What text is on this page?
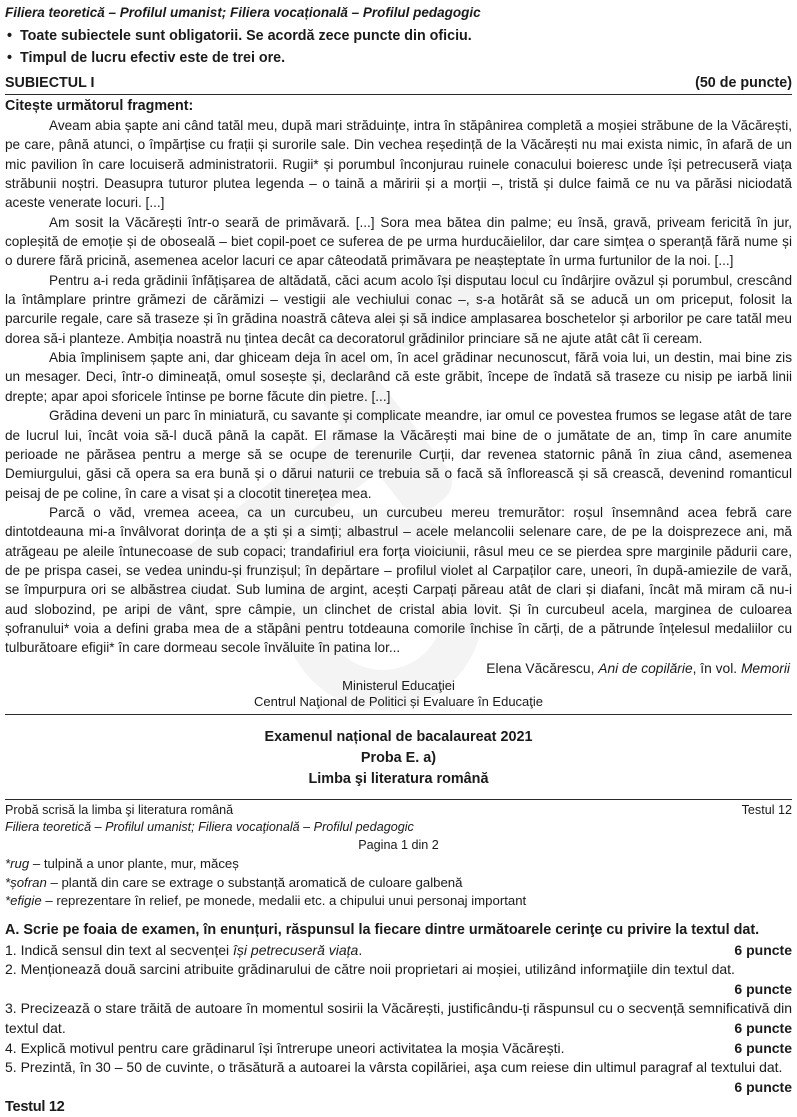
Filiera teoretică – Profilul umanist; Filiera vocațională – Profilul pedagogic
• Toate subiectele sunt obligatorii. Se acordă zece puncte din oficiu.
• Timpul de lucru efectiv este de trei ore.
SUBIECTUL I	(50 de puncte)
Citește următorul fragment:

Aveam abia șapte ani când tatăl meu, după mari străduințe, intra în stăpânirea completă a moșiei străbune de la Văcărești, pe care, până atunci, o împărțise cu frații și surorile sale. Din vechea reședință de la Văcărești nu mai exista nimic, în afară de un mic pavilion în care locuiseră administratorii. Rugii* și porumbul înconjurau ruinele conacului boieresc unde își petrecuseră viața străbunii noștri. Deasupra tuturor plutea legenda – o taină a măririi și a morții –, tristă și dulce faimă ce nu va părăsi niciodată aceste venerate locuri. [...]

Am sosit la Văcărești într-o seară de primăvară. [...] Sora mea bătea din palme; eu însă, gravă, priveam fericită în jur, copleșită de emoție și de oboseală – biet copil-poet ce suferea de pe urma hurducăielilor, dar care simțea o speranță fără nume și o durere fără pricină, asemenea acelor lacuri ce apar câteodată primăvara pe neașteptate în urma furtunilor de la noi. [...]

Pentru a-i reda grădinii înfățișarea de altădată, căci acum acolo își disputau locul cu îndârjire ovăzul și porumbul, crescând la întâmplare printre grămezi de cărămizi – vestigii ale vechiului conac –, s-a hotărât să se aducă un om priceput, folosit la parcurile regale, care să traseze și în grădina noastră câteva alei și să indice amplasarea boschetelor și arborilor pe care tatăl meu dorea să-i planteze. Ambiția noastră nu țintea decât ca decoratorul grădinilor princiare să ne ajute atât cât îi ceream.

Abia împlinisem șapte ani, dar ghiceam deja în acel om, în acel grădinar necunoscut, fără voia lui, un destin, mai bine zis un mesager. Deci, într-o dimineață, omul sosește și, declarând că este grăbit, începe de îndată să traseze cu nisip pe iarbă linii drepte; apar apoi sforicele întinse pe borne făcute din pietre. [...]

Grădina deveni un parc în miniatură, cu savante și complicate meandre, iar omul ce povestea frumos se legase atât de tare de lucrul lui, încât voia să-l ducă până la capăt. El rămase la Văcărești mai bine de o jumătate de an, timp în care anumite perioade ne părăsea pentru a merge să se ocupe de terenurile Curții, dar revenea statornic până în ziua când, asemenea Demiurgului, găsi că opera sa era bună și o dărui naturii ce trebuia să o facă să înflorească și să crească, devenind romanticul peisaj de pe coline, în care a visat și a clocotit tinerețea mea.

Parcă o văd, vremea aceea, ca un curcubeu, un curcubeu mereu tremurător: roșul însemnând acea febră care dintotdeauna mi-a învâlvorat dorința de a ști și a simți; albastrul – acele melancolii selenare care, de pe la doisprezece ani, mă atrăgeau pe aleile întunecoase de sub copaci; trandafiriul era forța vioiciunii, râsul meu ce se pierdea spre marginile pădurii care, de pe prispa casei, se vedea unindu-și frunzișul; în depărtare – profilul violet al Carpaților care, uneori, în după-amiezile de vară, se împurpura ori se albăstrea ciudat. Sub lumina de argint, acești Carpați păreau atât de clari și diafani, încât mă miram că nu-i aud slobozind, pe aripi de vânt, spre câmpie, un clinchet de cristal abia lovit. Și în curcubeul acela, marginea de culoarea șofranului* voia a defini graba mea de a stăpâni pentru totdeauna comorile închise în cărți, de a pătrunde înțelesul medaliilor cu tulburătoare efigii* în care dormeau secole învăluite în patina lor...

Elena Văcărescu, Ani de copilărie, în vol. Memorii
Ministerul Educaţiei
Centrul Naţional de Politici și Evaluare în Educaţie
Examenul național de bacalaureat 2021
Proba E. a)
Limba şi literatura română
Probă scrisă la limba şi literatura română	Testul 12
Filiera teoretică – Profilul umanist; Filiera vocaţională – Profilul pedagogic
Pagina 1 din 2
*rug – tulpină a unor plante, mur, măceș
*șofran – plantă din care se extrage o substanță aromatică de culoare galbenă
*efigie – reprezentare în relief, pe monede, medalii etc. a chipului unui personaj important
A. Scrie pe foaia de examen, în enunțuri, răspunsul la fiecare dintre următoarele cerinţe cu privire la textul dat.

1. Indică sensul din text al secvenței își petrecuseră viața.	6 puncte

2. Menționează două sarcini atribuite grădinarului de către noii proprietari ai moșiei, utilizând informaţiile din textul dat.
6 puncte

3. Precizează o stare trăită de autoare în momentul sosirii la Văcărești, justificându-ți răspunsul cu o secvență semnificativă din textul dat.	6 puncte

4. Explică motivul pentru care grădinarul își întrerupe uneori activitatea la moșia Văcărești.	6 puncte

5. Prezintă, în 30 – 50 de cuvinte, o trăsătură a autoarei la vârsta copilăriei, aşa cum reiese din ultimul paragraf al textului dat.
6 puncte

Testul 12
